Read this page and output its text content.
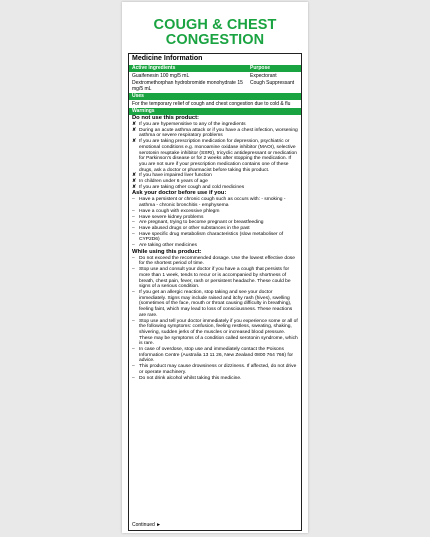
COUGH & CHEST
CONGESTION
Medicine Information
Active Ingredients	Purpose
Guaifenesin 100 mg/5 mL	Expectorant
Dextromethorphan hydrobromide monohydrate 15 mg/5 mL
Cough Suppressant
Uses
For the temporary relief of cough and chest congestion due to cold & flu
Warnings
Do not use this product:
✘ If you are hypersensitive to any of the ingredients
✘ During an acute asthma attack or if you have a chest infection, worsening asthma or severe respiratory problems
✘ If you are taking prescription medication for depression, psychiatric or emotional conditions e.g. monoamine oxidase inhibitor (MAOI), selective serotonin reuptake inhibitor (SSRI), tricyclic antidepressant or medication for Parkinson's disease or for 2 weeks after stopping the medication. If you are not sure if your prescription medication contains one of these drugs, ask a doctor or pharmacist before taking this product.
✘ If you have impaired liver function
✘ In children under 6 years of age
✘ If you are taking other cough and cold medicines
Ask your doctor before use if you:
– Have a persistent or chronic cough such as occurs with: - smoking - asthma - chronic bronchitis - emphysema
– Have a cough with excessive phlegm
– Have severe kidney problems
– Are pregnant, trying to become pregnant or breastfeeding
– Have abused drugs or other substances in the past
– Have specific drug metabolism characteristics (slow metaboliser of CYP2D6)
– Are taking other medicines
While using this product:
– Do not exceed the recommended dosage. Use the lowest effective dose for the shortest period of time.
– Stop use and consult your doctor if you have a cough that persists for more than 1 week, tends to recur or is accompanied by shortness of breath, chest pain, fever, rash or persistent headache. These could be signs of a serious condition.
– If you get an allergic reaction, stop taking and see your doctor immediately. Signs may include raised and itchy rash (hives), swelling (sometimes of the face, mouth or throat causing difficulty in breathing), feeling faint, which may lead to loss of consciousness. These reactions are rare.
– Stop use and tell your doctor immediately if you experience some or all of the following symptoms: confusion, feeling restless, sweating, shaking, shivering, sudden jerks of the muscles or increased blood pressure. These may be symptoms of a condition called serotonin syndrome, which is rare.
– In case of overdose, stop use and immediately contact the Poisons Information Centre (Australia 13 11 26, New Zealand 0800 764 766) for advice.
– This product may cause drowsiness or dizziness. If affected, do not drive or operate machinery.
– Do not drink alcohol whilst taking this medicine.
Continued ►
